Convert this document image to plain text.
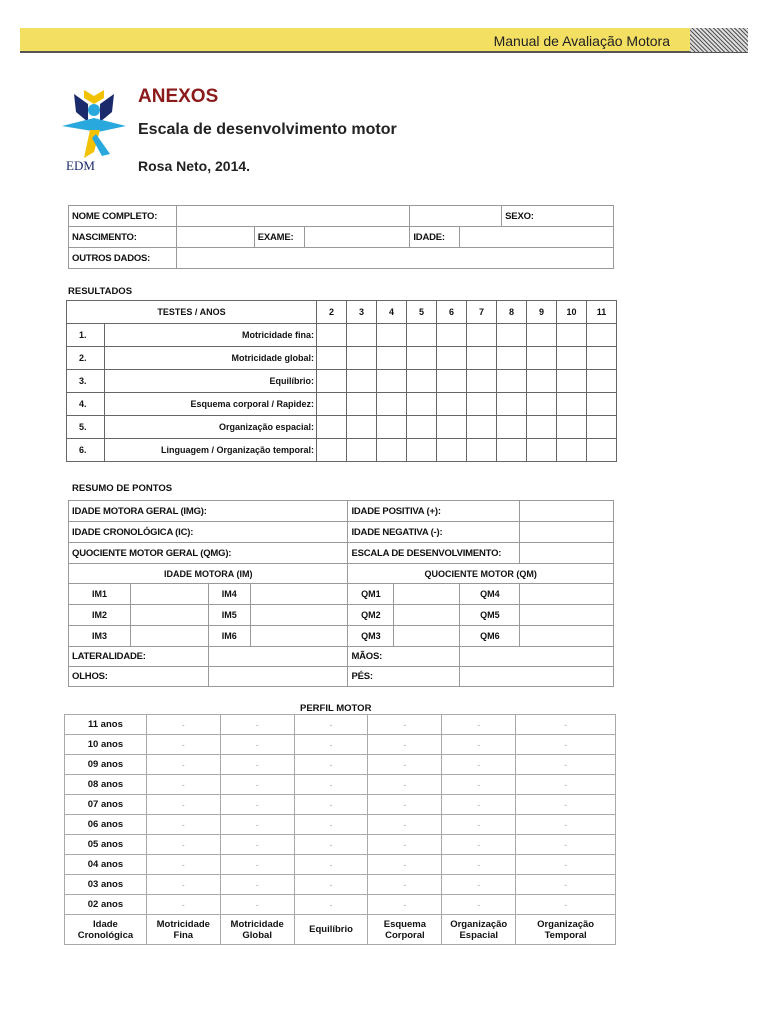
Manual de Avaliação Motora
EDM
ANEXOS
Escala de desenvolvimento motor
Rosa Neto, 2014.
NOME COMPLETO:						SEXO:
NASCIMENTO:		EXAME:		IDADE:		
OUTROS DADOS:						
RESULTADOS
TESTES / ANOS		2	3	4	5	6	7	8	9	10	11
1.	Motricidade fina:										
2.	Motricidade global:										
3.	Equilíbrio:										
4.	Esquema corporal / Rapidez:										
5.	Organização espacial:										
6.	Linguagem / Organização temporal:										
RESUMO DE PONTOS
IDADE MOTORA GERAL (IMG):				IDADE POSITIVA (+):			
IDADE CRONOLÓGICA (IC):				IDADE NEGATIVA (-):			
QUOCIENTE MOTOR GERAL (QMG):				ESCALA DE DESENVOLVIMENTO:			
IDADE MOTORA (IM)				QUOCIENTE MOTOR (QM)			
IM1		IM4		QM1		QM4	
IM2		IM5		QM2		QM5	
IM3		IM6		QM3		QM6	
LATERALIDADE:				MÃOS:			
OLHOS:				PÉS:			
PERFIL MOTOR
11 anos	-	-	-	-	-	-
10 anos	-	-	-	-	-	-
09 anos	-	-	-	-	-	-
08 anos	-	-	-	-	-	-
07 anos	-	-	-	-	-	-
06 anos	-	-	-	-	-	-
05 anos	-	-	-	-	-	-
04 anos	-	-	-	-	-	-
03 anos	-	-	-	-	-	-
02 anos	-	-	-	-	-	-
Idade Cronológica	Motricidade Fina	Motricidade Global	Equilíbrio	Esquema Corporal	Organização Espacial	Organização Temporal
